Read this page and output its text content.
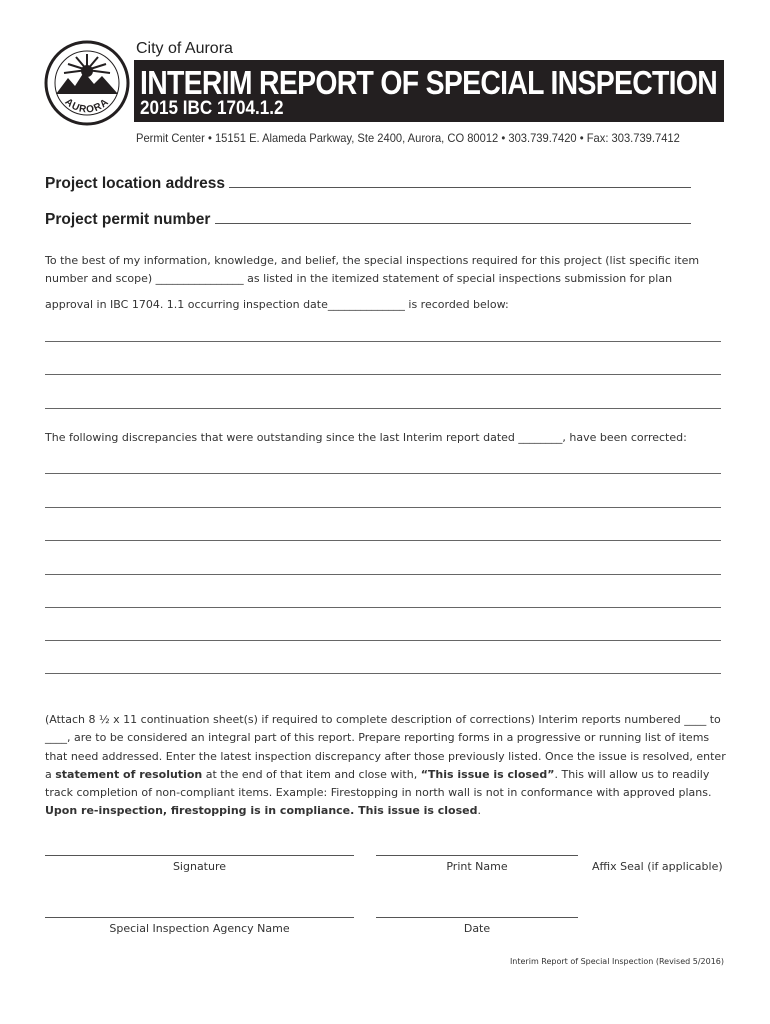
AURORA
City of Aurora
INTERIM REPORT OF SPECIAL INSPECTION
2015 IBC 1704.1.2
Permit Center • 15151 E. Alameda Parkway, Ste 2400, Aurora, CO 80012 • 303.739.7420 • Fax: 303.739.7412
Project location address
Project permit number
To the best of my information, knowledge, and belief, the special inspections required for this project (list specific item
number and scope) ________________ as listed in the itemized statement of special inspections submission for plan
approval in IBC 1704. 1.1 occurring inspection date______________ is recorded below:
The following discrepancies that were outstanding since the last Interim report dated ________, have been corrected:
(Attach 8 ½ x 11 continuation sheet(s) if required to complete description of corrections) Interim reports numbered ____ to ____, are to be considered an integral part of this report. Prepare reporting forms in a progressive or running list of items that need addressed. Enter the latest inspection discrepancy after those previously listed. Once the issue is resolved, enter a statement of resolution at the end of that item and close with, “This issue is closed”. This will allow us to readily track completion of non-compliant items. Example: Firestopping in north wall is not in conformance with approved plans. Upon re-inspection, firestopping is in compliance. This issue is closed.
Signature	Print Name	Affix Seal (if applicable)
Special Inspection Agency Name	Date
Interim Report of Special Inspection (Revised 5/2016)
